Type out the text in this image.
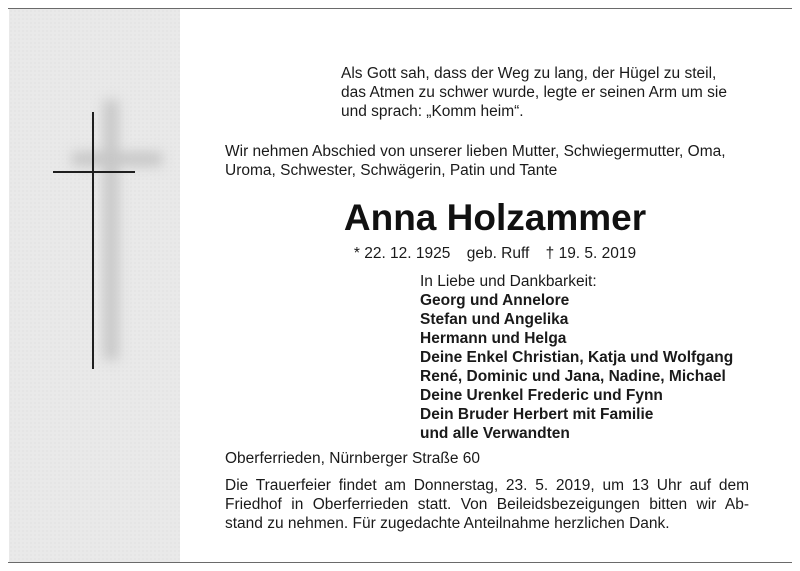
Als Gott sah, dass der Weg zu lang, der Hügel zu steil,
das Atmen zu schwer wurde, legte er seinen Arm um sie
und sprach: „Komm heim“.
Wir nehmen Abschied von unserer lieben Mutter, Schwiegermutter, Oma,
Uroma, Schwester, Schwägerin, Patin und Tante
Anna Holzammer
* 22. 12. 1925 geb. Ruff † 19. 5. 2019
In Liebe und Dankbarkeit:
Georg und Annelore
Stefan und Angelika
Hermann und Helga
Deine Enkel Christian, Katja und Wolfgang
René, Dominic und Jana, Nadine, Michael
Deine Urenkel Frederic und Fynn
Dein Bruder Herbert mit Familie
und alle Verwandten
Oberferrieden, Nürnberger Straße 60
Die Trauerfeier findet am Donnerstag, 23. 5. 2019, um 13 Uhr auf dem
Friedhof in Oberferrieden statt. Von Beileidsbezeigungen bitten wir Ab-
stand zu nehmen. Für zugedachte Anteilnahme herzlichen Dank.
